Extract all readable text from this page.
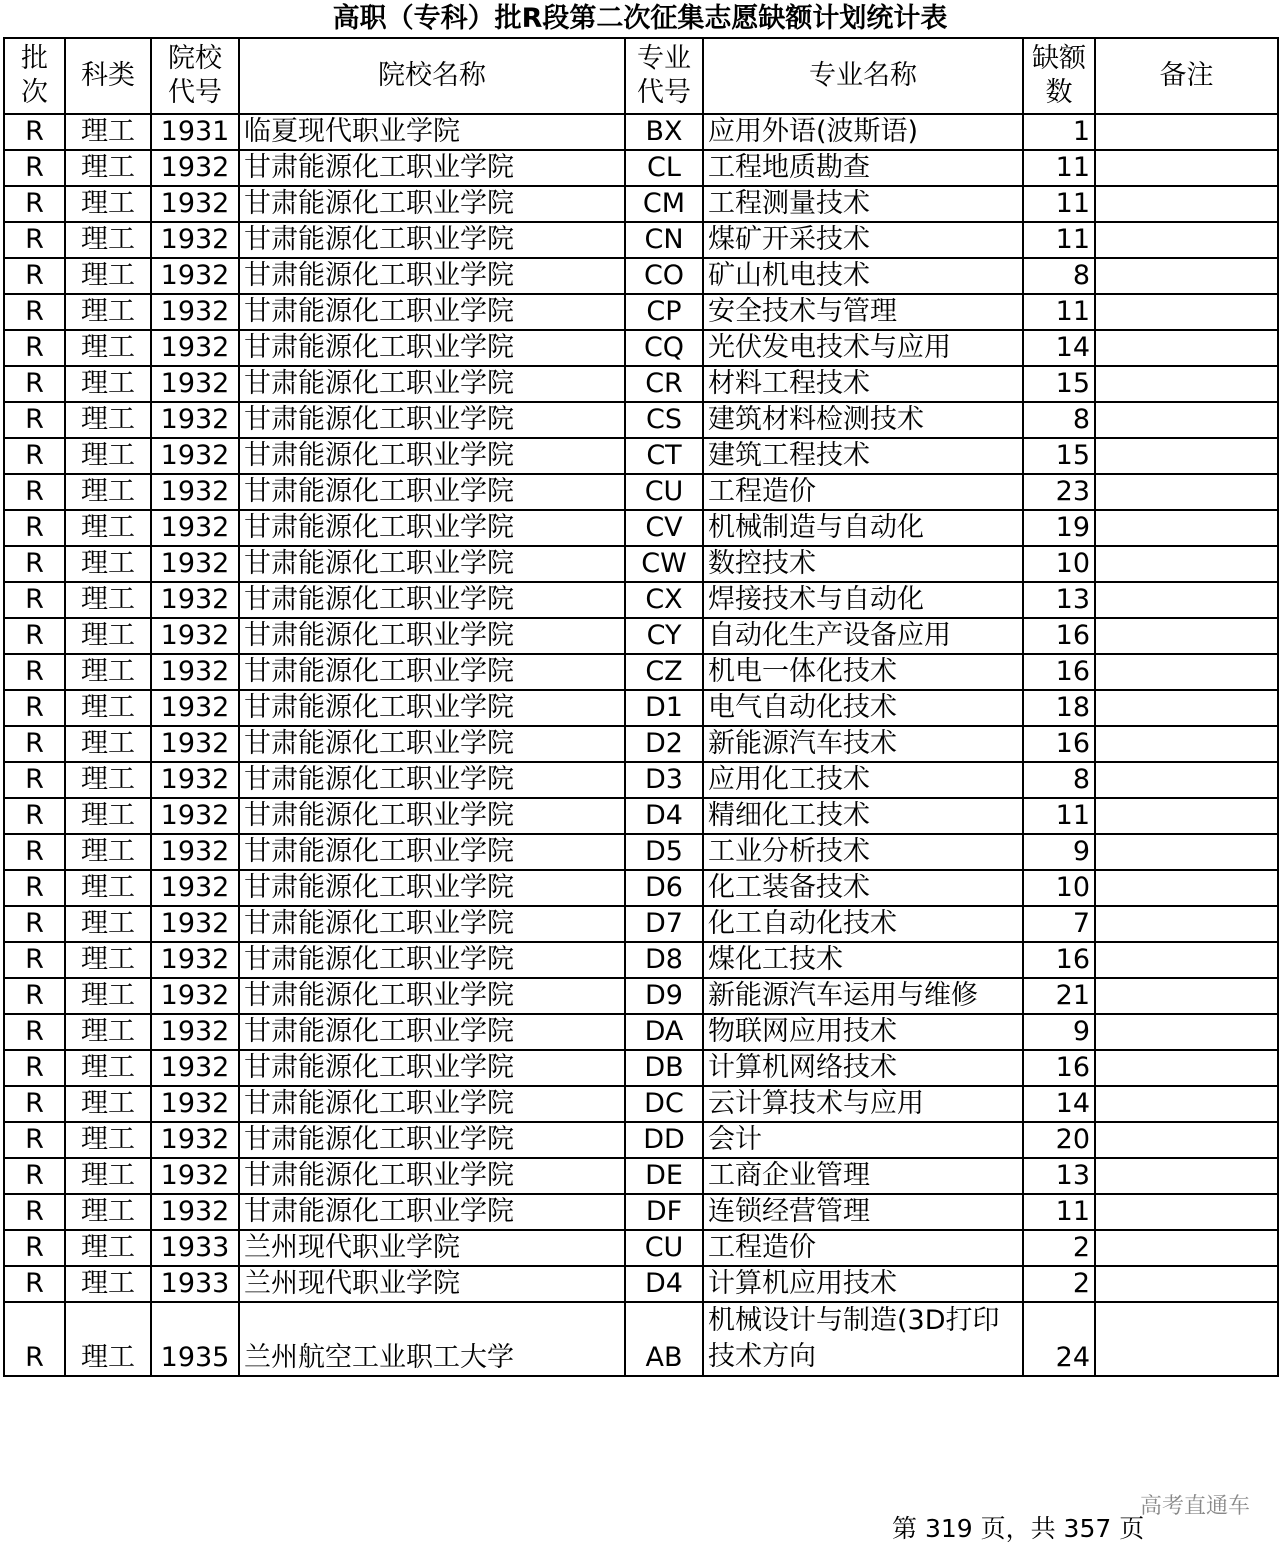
高职（专科）批R段第二次征集志愿缺额计划统计表
批次	科类	院校代号	院校名称	专业代号	专业名称	缺额数	备注
R	理工	1931	临夏现代职业学院	BX	应用外语(波斯语)	1	
R	理工	1932	甘肃能源化工职业学院	CL	工程地质勘查	11	
R	理工	1932	甘肃能源化工职业学院	CM	工程测量技术	11	
R	理工	1932	甘肃能源化工职业学院	CN	煤矿开采技术	11	
R	理工	1932	甘肃能源化工职业学院	CO	矿山机电技术	8	
R	理工	1932	甘肃能源化工职业学院	CP	安全技术与管理	11	
R	理工	1932	甘肃能源化工职业学院	CQ	光伏发电技术与应用	14	
R	理工	1932	甘肃能源化工职业学院	CR	材料工程技术	15	
R	理工	1932	甘肃能源化工职业学院	CS	建筑材料检测技术	8	
R	理工	1932	甘肃能源化工职业学院	CT	建筑工程技术	15	
R	理工	1932	甘肃能源化工职业学院	CU	工程造价	23	
R	理工	1932	甘肃能源化工职业学院	CV	机械制造与自动化	19	
R	理工	1932	甘肃能源化工职业学院	CW	数控技术	10	
R	理工	1932	甘肃能源化工职业学院	CX	焊接技术与自动化	13	
R	理工	1932	甘肃能源化工职业学院	CY	自动化生产设备应用	16	
R	理工	1932	甘肃能源化工职业学院	CZ	机电一体化技术	16	
R	理工	1932	甘肃能源化工职业学院	D1	电气自动化技术	18	
R	理工	1932	甘肃能源化工职业学院	D2	新能源汽车技术	16	
R	理工	1932	甘肃能源化工职业学院	D3	应用化工技术	8	
R	理工	1932	甘肃能源化工职业学院	D4	精细化工技术	11	
R	理工	1932	甘肃能源化工职业学院	D5	工业分析技术	9	
R	理工	1932	甘肃能源化工职业学院	D6	化工装备技术	10	
R	理工	1932	甘肃能源化工职业学院	D7	化工自动化技术	7	
R	理工	1932	甘肃能源化工职业学院	D8	煤化工技术	16	
R	理工	1932	甘肃能源化工职业学院	D9	新能源汽车运用与维修	21	
R	理工	1932	甘肃能源化工职业学院	DA	物联网应用技术	9	
R	理工	1932	甘肃能源化工职业学院	DB	计算机网络技术	16	
R	理工	1932	甘肃能源化工职业学院	DC	云计算技术与应用	14	
R	理工	1932	甘肃能源化工职业学院	DD	会计	20	
R	理工	1932	甘肃能源化工职业学院	DE	工商企业管理	13	
R	理工	1932	甘肃能源化工职业学院	DF	连锁经营管理	11	
R	理工	1933	兰州现代职业学院	CU	工程造价	2	
R	理工	1933	兰州现代职业学院	D4	计算机应用技术	2	
R	理工	1935	兰州航空工业职工大学	AB	机械设计与制造(3D打印技术方向	24	
高考直通车
第 319 页，共 357 页
